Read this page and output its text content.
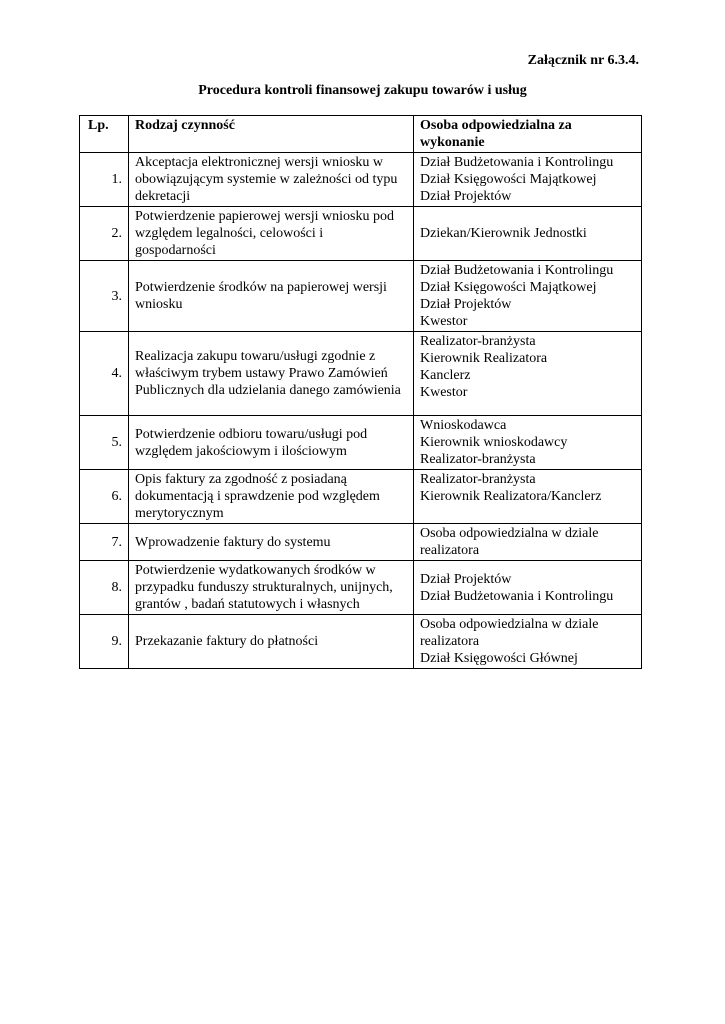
Załącznik nr 6.3.4.
Procedura kontroli finansowej zakupu towarów i usług
Lp.	Rodzaj czynność	Osoba odpowiedzialna za wykonanie
1.	Akceptacja elektronicznej wersji wniosku w obowiązującym systemie w zależności od typu dekretacji	Dział Budżetowania i Kontrolingu
Dział Księgowości Majątkowej
Dział Projektów

2.	Potwierdzenie papierowej wersji wniosku pod względem legalności, celowości i gospodarności	Dziekan/Kierownik Jednostki

3.	Potwierdzenie środków na papierowej wersji wniosku	Dział Budżetowania i Kontrolingu
Dział Księgowości Majątkowej
Dział Projektów
Kwestor

4.	Realizacja zakupu towaru/usługi zgodnie z właściwym trybem ustawy Prawo Zamówień Publicznych dla udzielania danego zamówienia	Realizator-branżysta
Kierownik Realizatora
Kanclerz
Kwestor

5.	Potwierdzenie odbioru towaru/usługi pod względem jakościowym i ilościowym	Wnioskodawca
Kierownik wnioskodawcy
Realizator-branżysta

6.	Opis faktury za zgodność z posiadaną dokumentacją i sprawdzenie pod względem merytorycznym	Realizator-branżysta
Kierownik Realizatora/Kanclerz

7.	Wprowadzenie faktury do systemu	Osoba odpowiedzialna w dziale realizatora

8.	Potwierdzenie wydatkowanych środków w przypadku funduszy strukturalnych, unijnych, grantów , badań statutowych i własnych	Dział Projektów
Dział Budżetowania i Kontrolingu

9.	Przekazanie faktury do płatności	Osoba odpowiedzialna w dziale realizatora
Dział Księgowości Głównej
